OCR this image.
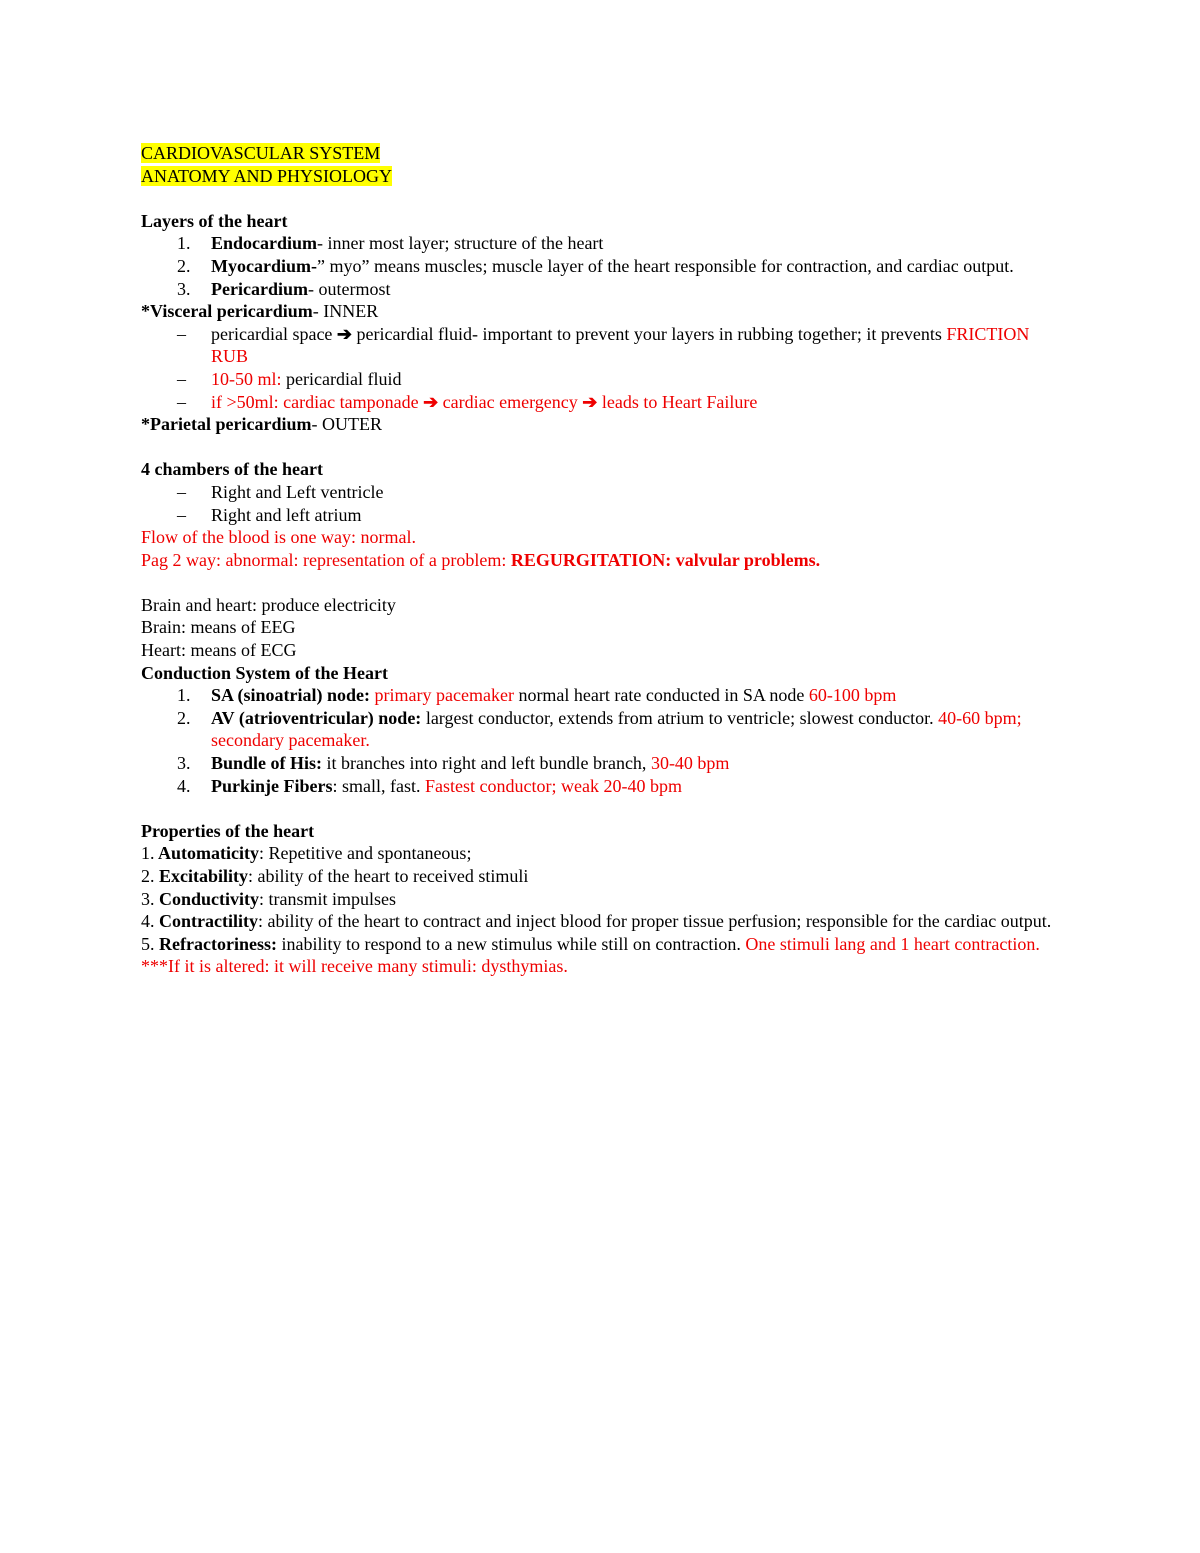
CARDIOVASCULAR SYSTEM

ANATOMY AND PHYSIOLOGY

Layers of the heart

1. Endocardium- inner most layer; structure of the heart
2. Myocardium-” myo” means muscles; muscle layer of the heart responsible for contraction, and cardiac output.
3. Pericardium- outermost

*Visceral pericardium- INNER

– pericardial space ➔ pericardial fluid- important to prevent your layers in rubbing together; it prevents FRICTION RUB
– 10-50 ml: pericardial fluid
– if >50ml: cardiac tamponade ➔ cardiac emergency ➔ leads to Heart Failure

*Parietal pericardium- OUTER

4 chambers of the heart

– Right and Left ventricle
– Right and left atrium

Flow of the blood is one way: normal.

Pag 2 way: abnormal: representation of a problem: REGURGITATION: valvular problems.

Brain and heart: produce electricity

Brain: means of EEG

Heart: means of ECG

Conduction System of the Heart

1. SA (sinoatrial) node: primary pacemaker normal heart rate conducted in SA node 60-100 bpm
2. AV (atrioventricular) node: largest conductor, extends from atrium to ventricle; slowest conductor. 40-60 bpm; secondary pacemaker.
3. Bundle of His: it branches into right and left bundle branch, 30-40 bpm
4. Purkinje Fibers: small, fast. Fastest conductor; weak 20-40 bpm

Properties of the heart

1. Automaticity: Repetitive and spontaneous;

2. Excitability: ability of the heart to received stimuli

3. Conductivity: transmit impulses

4. Contractility: ability of the heart to contract and inject blood for proper tissue perfusion; responsible for the cardiac output.

5. Refractoriness: inability to respond to a new stimulus while still on contraction. One stimuli lang and 1 heart contraction.

***If it is altered: it will receive many stimuli: dysthymias.
